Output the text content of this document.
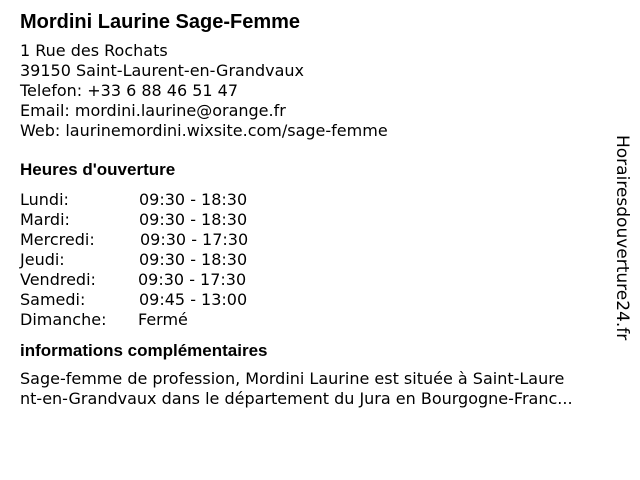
Mordini Laurine Sage-Femme
1 Rue des Rochats
39150 Saint-Laurent-en-Grandvaux
Telefon: +33 6 88 46 51 47
Email: mordini.laurine@orange.fr
Web: laurinemordini.wixsite.com/sage-femme
Heures d'ouverture
Lundi:	09:30 - 18:30
Mardi:	09:30 - 18:30
Mercredi:	09:30 - 17:30
Jeudi:	09:30 - 18:30
Vendredi:	09:30 - 17:30
Samedi:	09:45 - 13:00
Dimanche: Fermé
informations complémentaires
Sage-femme de profession, Mordini Laurine est située à Saint-Laure
nt-en-Grandvaux dans le département du Jura en Bourgogne-Franc...
Horairesdouverture24.fr
